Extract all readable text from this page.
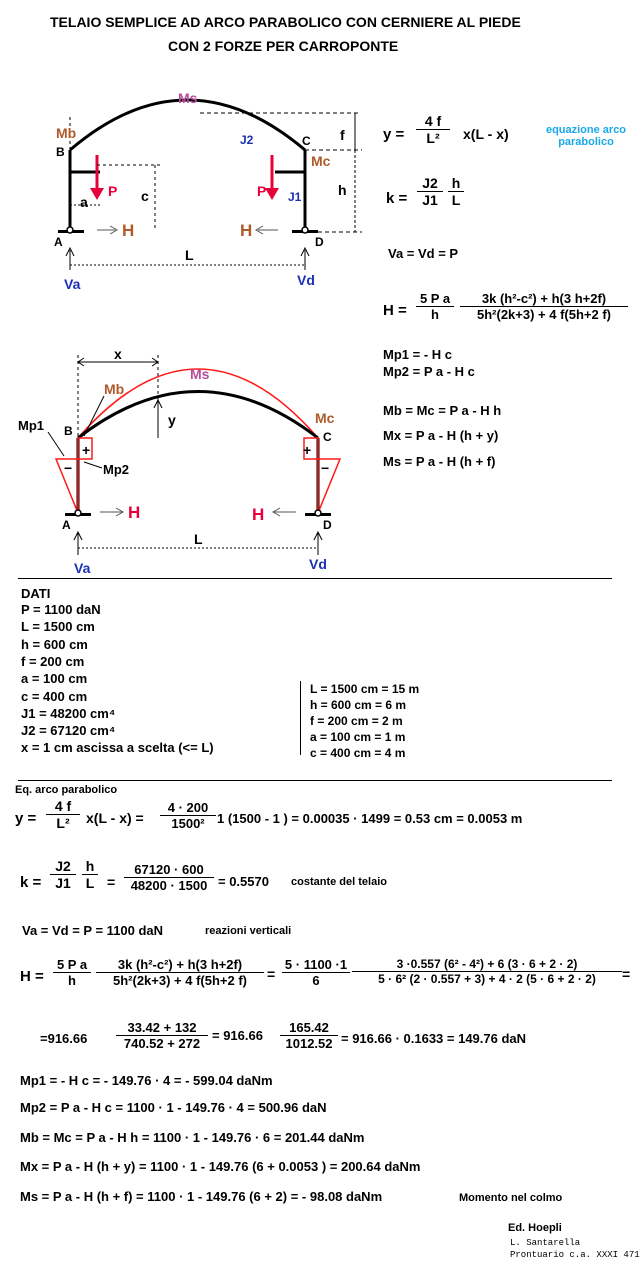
TELAIO SEMPLICE AD ARCO PARABOLICO CON CERNIERE AL PIEDE
CON 2 FORZE PER CARROPONTE
Ms
Mb
B
C
Mc
J2
J1
f
h
c
a
P	P
A	D
H	H
L
Va	Vd
$y = \frac{4 f}{\text{L²}} x(L - x)$	equazione arco parabolico
$k = \frac{J2}{J1} \frac{h}{L}$
Va = Vd = P
$H = \frac{\text{5 P a}}{h} \frac{\text{3k (h²-c²) + h(3 h+2f)}}{\text{5h²(2k+3) + 4 f(5h+2 f)}}$
Mp1 = - H c
Mp2 = P a - H c
Mb = Mc = P a - H h
Mx = P a - H (h + y)
Ms = P a - H (h + f)
x
y
Ms
Mb
Mc
Mp1
Mp2
B	C
A	D
−
−	−
+	+
H	H
L
Va	Vd
DATI
P = 1100 daN
L = 1500 cm
h = 600 cm
f = 200 cm
a = 100 cm
c = 400 cm
J1 = 48200 cm⁴
J2 = 67120 cm⁴
x = 1 cm ascissa a scelta (<= L)
L = 1500 cm = 15 m
h = 600 cm = 6 m
f = 200 cm = 2 m
a = 100 cm = 1 m
c = 400 cm = 4 m
Eq. arco parabolico
$y = \frac{4 f}{\text{L²}} x(L - x) = \frac{4 \cdot 200}{\text{1500²}} 1$ (1500 - 1 ) = 0.00035 · 1499 = 0.53 cm = 0.0053 m
$k = \frac{J2}{J1} \frac{h}{L} = \frac{67120 \cdot 600}{48200 \cdot 1500} = 0.5570$ costante del telaio
Va = Vd = P = 1100 daN	reazioni verticali
$H = \frac{\text{5 P a}}{h} \frac{\text{3k (h²-c²) + h(3 h+2f)}}{\text{5h²(2k+3) + 4 f(5h+2 f)}} = \frac{5 \cdot 1100 \cdot 1}{6} \frac{\text{3 ·0.557 (6² - 4²) + 6 (3 · 6 + 2 · 2)}}{\text{5 · 6² (2 · 0.557 + 3) + 4 · 2 (5 · 6 + 2 · 2)}}$ =
$=916.66 \frac{33.42 + 132}{740.52 + 272} = 916.66 \frac{165.42}{1012.52} = 916.66 \cdot 0.1633 = 149.76$ daN
Mp1 = - H c = - 149.76 · 4 = - 599.04 daNm
Mp2 = P a - H c = 1100 · 1 - 149.76 · 4 = 500.96 daN
Mb = Mc = P a - H h = 1100 · 1 - 149.76 · 6 = 201.44 daNm
Mx = P a - H (h + y) = 1100 · 1 - 149.76 (6 + 0.0053 ) = 200.64 daNm
Ms = P a - H (h + f) = 1100 · 1 - 149.76 (6 + 2) = - 98.08 daNm	Momento nel colmo
Ed. Hoepli
L. Santarella
Prontuario c.a. XXXI 471
